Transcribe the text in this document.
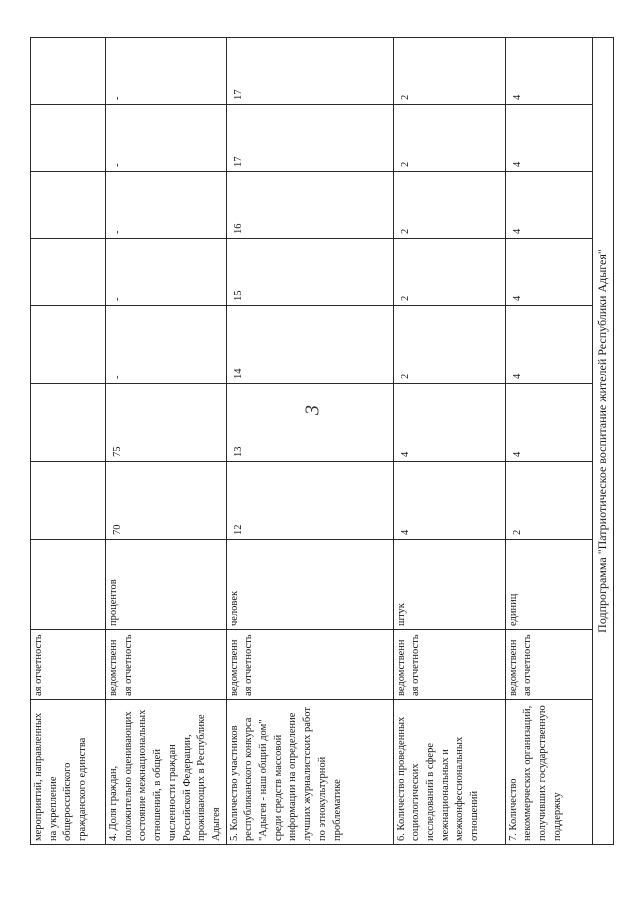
3
мероприятий, направленных на укрепление общероссийского гражданского единства	ая отчетность								
4. Доля граждан, положительно оценивающих состояние межнациональных отношений, в общей численности граждан Российской Федерации, проживающих в Республике Адыгея	ведомственн ая отчетность	процентов	70	75	-	-	-	-	-
5. Количество участников республиканского конкурса "Адыгея - наш общий дом" среди средств массовой информации на определение лучших журналистских работ по этнокультурной проблематике	ведомственн ая отчетность	человек	12	13	14	15	16	17	17
6. Количество проведенных социологических исследований в сфере межнациональных и межконфессиональных отношений	ведомственн ая отчетность	штук	4	4	2	2	2	2	2
7. Количество некоммерческих организаций, получивших государственную поддержку	ведомственн ая отчетность	единиц	2	4	4	4	4	4	4
Подпрограмма "Патриотическое воспитание жителей Республики Адыгея"									
